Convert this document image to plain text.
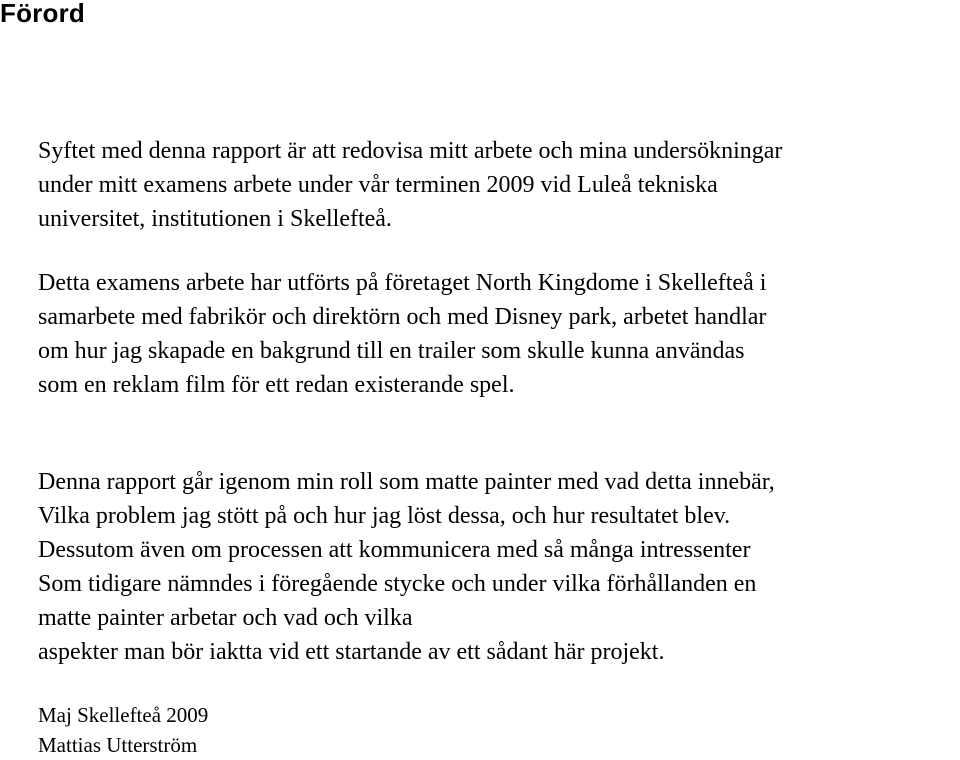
Förord

Syftet med denna rapport är att redovisa mitt arbete och mina undersökningar
under mitt examens arbete under vår terminen 2009 vid Luleå tekniska
universitet, institutionen i Skellefteå.

Detta examens arbete har utförts på företaget North Kingdome i Skellefteå i
samarbete med fabrikör och direktörn och med Disney park, arbetet handlar
om hur jag skapade en bakgrund till en trailer som skulle kunna användas
som en reklam film för ett redan existerande spel.

Denna rapport går igenom min roll som matte painter med vad detta innebär,
Vilka problem jag stött på och hur jag löst dessa, och hur resultatet blev.
Dessutom även om processen att kommunicera med så många intressenter
Som tidigare nämndes i föregående stycke och under vilka förhållanden en
matte painter arbetar och vad och vilka
aspekter man bör iaktta vid ett startande av ett sådant här projekt.

Maj Skellefteå 2009
Mattias Utterström
